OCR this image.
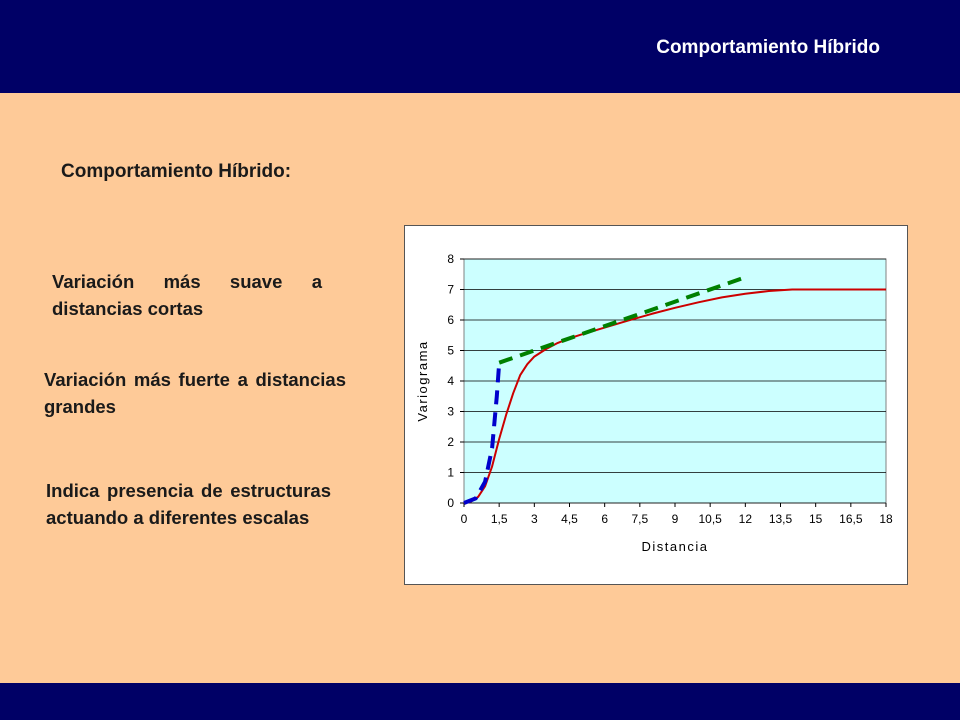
Comportamiento Híbrido
Comportamiento Híbrido:
Variación más suave a distancias cortas
Variación más fuerte a distancias grandes
Indica presencia de estructuras actuando a diferentes escalas
0
1
2
3
4
5
6
7
8
0 1,5 3 4,5 6 7,5 9 10,5 12 13,5 15 16,5 18
Distancia
Variograma
